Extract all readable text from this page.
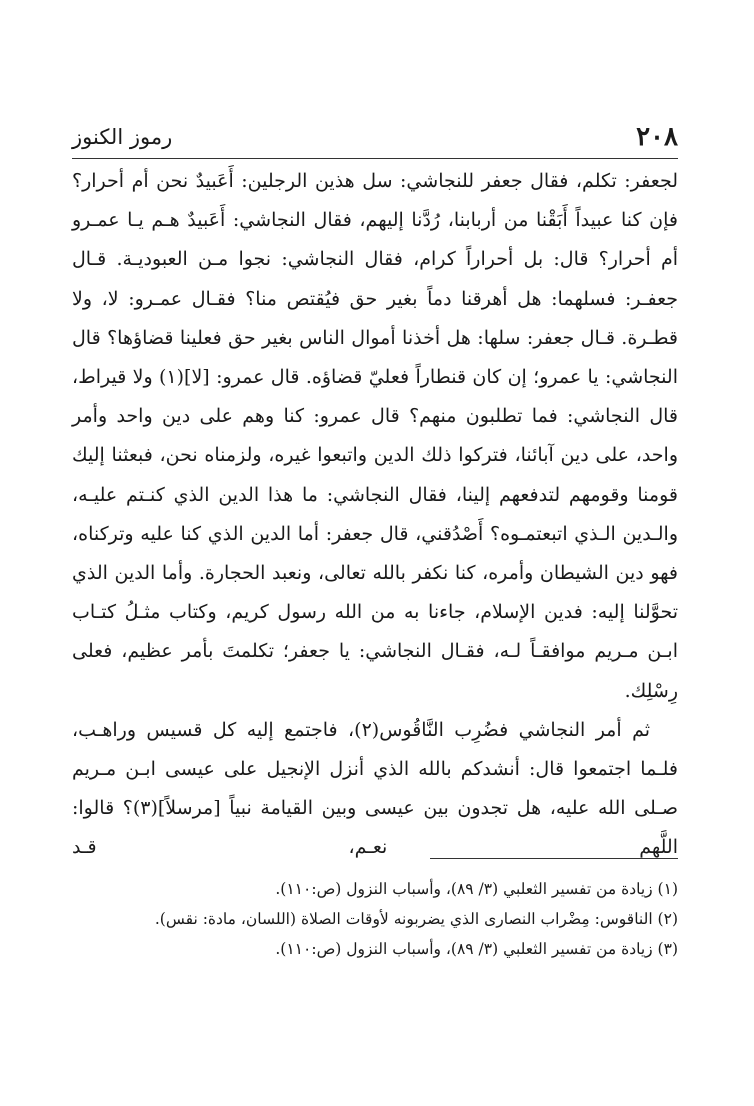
٢٠٨
رموز الكنوز

لجعفر: تكلم، فقال جعفر للنجاشي: سل هذين الرجلين: أَعَبيدٌ نحن أم أحرار؟ فإن كنا عبيداً أَبَقْنا من أربابنا، رُدَّنا إليهم، فقال النجاشي: أَعَبيدٌ هـم يـا عمـرو أم أحرار؟ قال: بل أحراراً كرام، فقال النجاشي: نجوا مـن العبوديـة. قـال جعفـر: فسلهما: هل أهرقنا دماً بغير حق فيُقتص منا؟ فقـال عمـرو: لا، ولا قطـرة. قـال جعفر: سلها: هل أخذنا أموال الناس بغير حق فعلينا قضاؤها؟ قال النجاشي: يا عمرو؛ إن كان قنطاراً فعليّ قضاؤه. قال عمرو: [لا](١) ولا قيراط، قال النجاشي: فما تطلبون منهم؟ قال عمرو: كنا وهم على دين واحد وأمر واحد، على دين آبائنا، فتركوا ذلك الدين واتبعوا غيره، ولزمناه نحن، فبعثنا إليك قومنا وقومهم لتدفعهم إلينا، فقال النجاشي: ما هذا الدين الذي كنـتم عليـه، والـدين الـذي اتبعتمـوه؟ أَصْدُقني، قال جعفر: أما الدين الذي كنا عليه وتركناه، فهو دين الشيطان وأمره، كنا نكفر بالله تعالى، ونعبد الحجارة. وأما الدين الذي تحوَّلنا إليه: فدين الإسلام، جاءنا به من الله رسول كريم، وكتاب مثـلُ كتـاب ابـن مـريم موافقـاً لـه، فقـال النجاشي: يا جعفر؛ تكلمتَ بأمر عظيم، فعلى رِسْلِك.

ثم أمر النجاشي فضُرِب النَّاقُوس(٢)، فاجتمع إليه كل قسيس وراهـب، فلـما اجتمعوا قال: أنشدكم بالله الذي أنزل الإنجيل على عيسى ابـن مـريم صـلى الله عليه، هل تجدون بين عيسى وبين القيامة نبياً [مرسلاً](٣)؟ قالوا: اللَّهم نعـم، قـد

(١) زيادة من تفسير الثعلبي (٣/ ٨٩)، وأسباب النزول (ص:١١٠).
(٢) الناقوس: مِضْراب النصارى الذي يضربونه لأوقات الصلاة (اللسان، مادة: نقس).
(٣) زيادة من تفسير الثعلبي (٣/ ٨٩)، وأسباب النزول (ص:١١٠).
